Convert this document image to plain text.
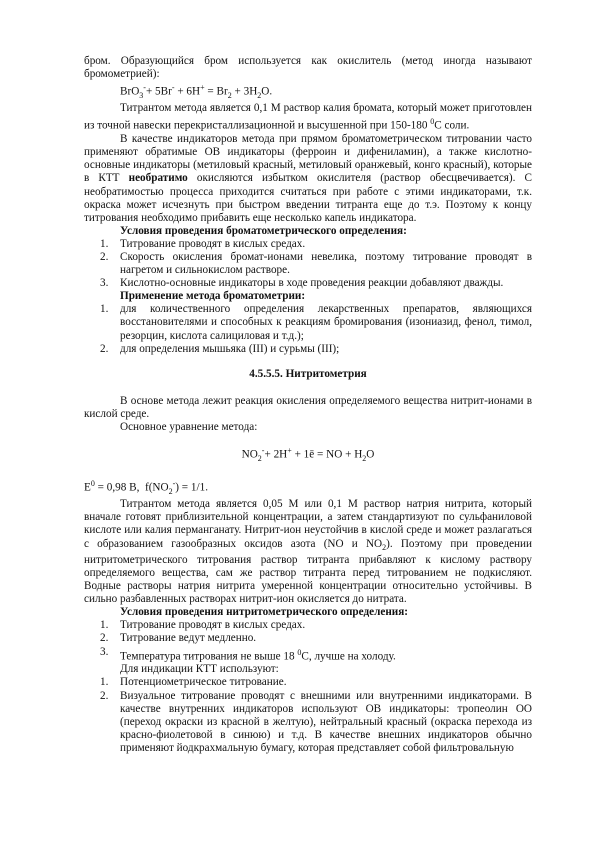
бром. Образующийся бром используется как окислитель (метод иногда называют бромометрией):

$BrO_3^-+ 5Br^- + 6H^+ = Br_2 + 3H_2O$.

Титрантом метода является 0,1 М раствор калия бромата, который может приготовлен из точной навески перекристаллизационной и высушенной при 150-180 $^0$С соли.

В качестве индикаторов метода при прямом броматометрическом титровании часто применяют обратимые ОВ индикаторы (ферроин и дифениламин), а также кислотно-основные индикаторы (метиловый красный, метиловый оранжевый, конго красный), которые в КТТ необратимо окисляются избытком окислителя (раствор обесцвечивается). С необратимостью процесса приходится считаться при работе с этими индикаторами, т.к. окраска может исчезнуть при быстром введении титранта еще до т.э. Поэтому к концу титрования необходимо прибавить еще несколько капель индикатора.

Условия проведения броматометрического определения:

1.	Титрование проводят в кислых средах.
2.	Скорость окисления бромат-ионами невелика, поэтому титрование проводят в нагретом и сильнокислом растворе.
3.	Кислотно-основные индикаторы в ходе проведения реакции добавляют дважды.

Применение метода броматометрии:

1.	для количественного определения лекарственных препаратов, являющихся восстановителями и способных к реакциям бромирования (изониазид, фенол, тимол, резорцин, кислота салициловая и т.д.);
2.	для определения мышьяка (III) и сурьмы (III);

4.5.5.5. Нитритометрия

В основе метода лежит реакция окисления определяемого вещества нитрит-ионами в кислой среде.

Основное уравнение метода:

$NO_2^-+ 2H^+$ + 1ē = NO + $H_2O$

$E^0 = 0,98$ В,  $f(NO_2^-) = 1/1$.

Титрантом метода является 0,05 М или 0,1 М раствор натрия нитрита, который вначале готовят приблизительной концентрации, а затем стандартизуют по сульфаниловой кислоте или калия перманганату. Нитрит-ион неустойчив в кислой среде и может разлагаться с образованием газообразных оксидов азота (NO и $NO_2$). Поэтому при проведении нитритометрического титрования раствор титранта прибавляют к кислому раствору определяемого вещества, сам же раствор титранта перед титрованием не подкисляют. Водные растворы натрия нитрита умеренной концентрации относительно устойчивы. В сильно разбавленных растворах нитрит-ион окисляется до нитрата.

Условия проведения нитритометрического определения:

1.	Титрование проводят в кислых средах.
2.	Титрование ведут медленно.
3.	Температура титрования не выше 18 $^0$С, лучше на холоду.

Для индикации КТТ используют:

1.	Потенциометрическое титрование.
2.	Визуальное титрование проводят с внешними или внутренними индикаторами. В качестве внутренних индикаторов используют ОВ индикаторы: тропеолин ОО (переход окраски из красной в желтую), нейтральный красный (окраска перехода из красно-фиолетовой в синюю) и т.д. В качестве внешних индикаторов обычно применяют йодкрахмальную бумагу, которая представляет собой фильтровальную
